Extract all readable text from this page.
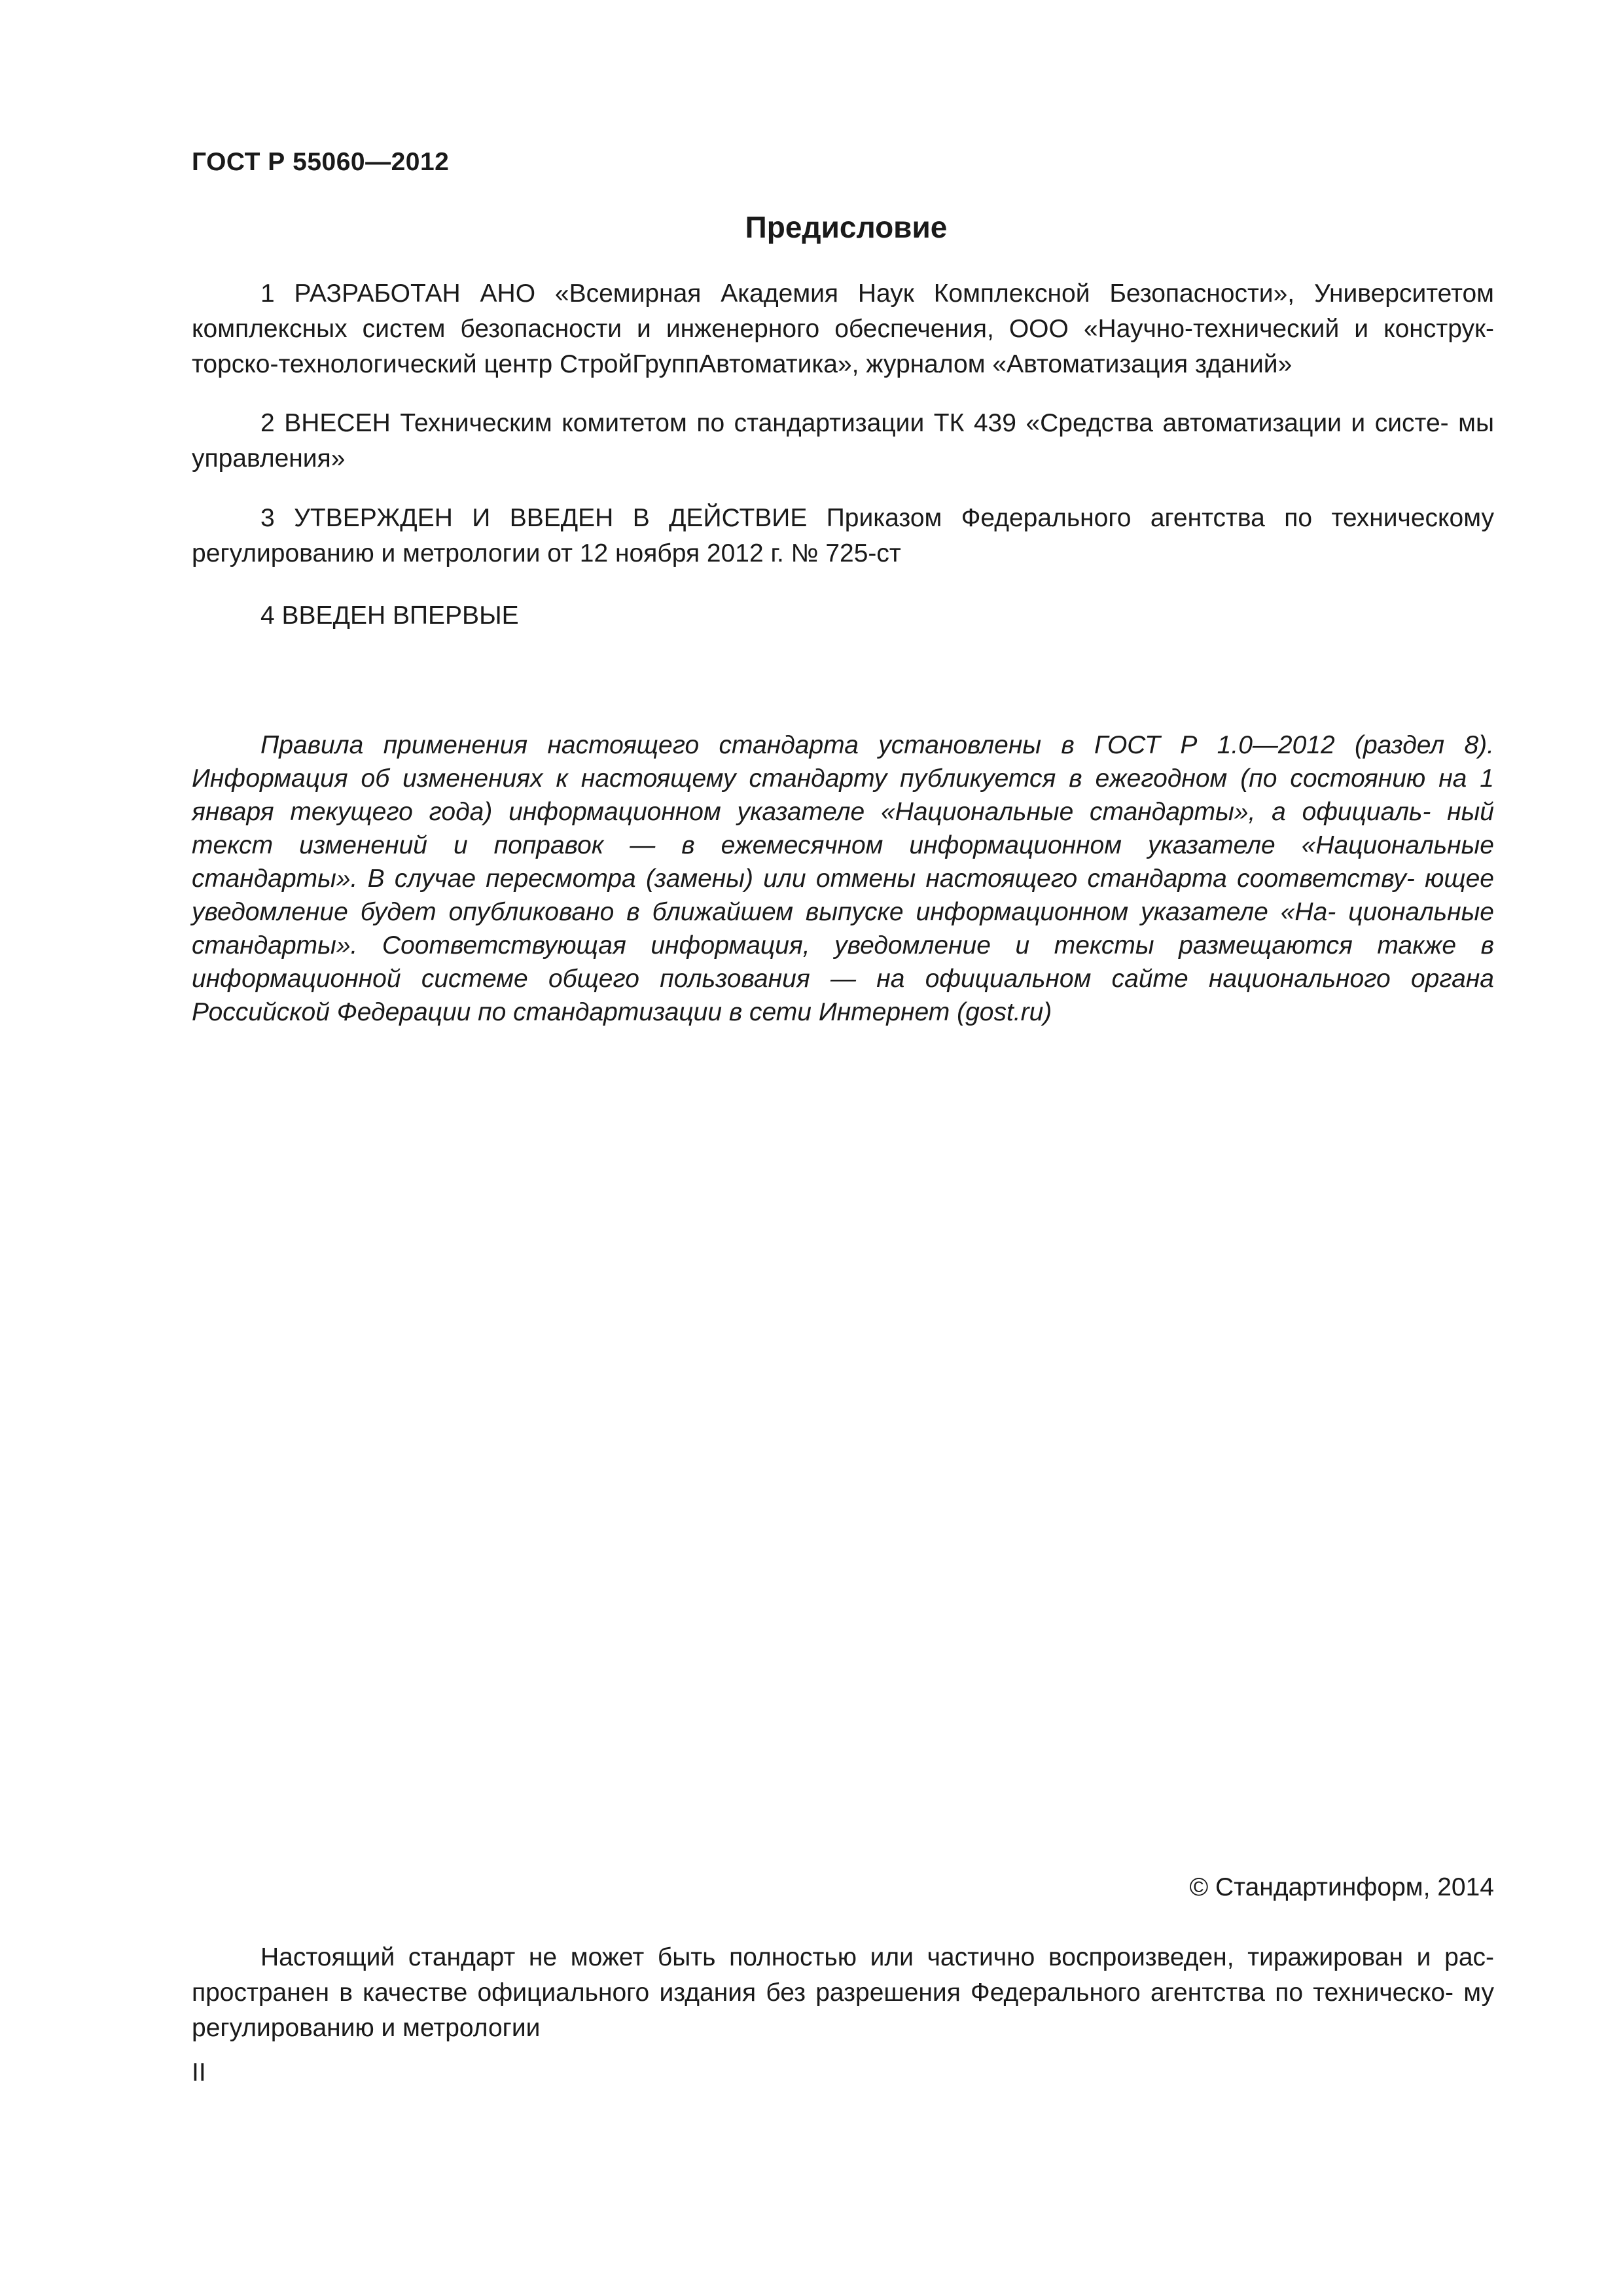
ГОСТ Р 55060—2012
Предисловие

1 РАЗРАБОТАН АНО «Всемирная Академия Наук Комплексной Безопасности», Университетом комплексных систем безопасности и инженерного обеспечения, ООО «Научно-технический и конструк- торско-технологический центр СтройГруппАвтоматика», журналом «Автоматизация зданий»

2 ВНЕСЕН Техническим комитетом по стандартизации ТК 439 «Средства автоматизации и систе- мы управления»

3 УТВЕРЖДЕН И ВВЕДЕН В ДЕЙСТВИЕ Приказом Федерального агентства по техническому регулированию и метрологии от 12 ноября 2012 г. № 725-ст

4 ВВЕДЕН ВПЕРВЫЕ

Правила применения настоящего стандарта установлены в ГОСТ Р 1.0—2012 (раздел 8). Информация об изменениях к настоящему стандарту публикуется в ежегодном (по состоянию на 1 января текущего года) информационном указателе «Национальные стандарты», а официаль- ный текст изменений и поправок — в ежемесячном информационном указателе «Национальные стандарты». В случае пересмотра (замены) или отмены настоящего стандарта соответству- ющее уведомление будет опубликовано в ближайшем выпуске информационном указателе «На- циональные стандарты». Соответствующая информация, уведомление и тексты размещаются также в информационной системе общего пользования — на официальном сайте национального органа Российской Федерации по стандартизации в сети Интернет (gost.ru)

© Стандартинформ, 2014

Настоящий стандарт не может быть полностью или частично воспроизведен, тиражирован и рас- пространен в качестве официального издания без разрешения Федерального агентства по техническо- му регулированию и метрологии

II
